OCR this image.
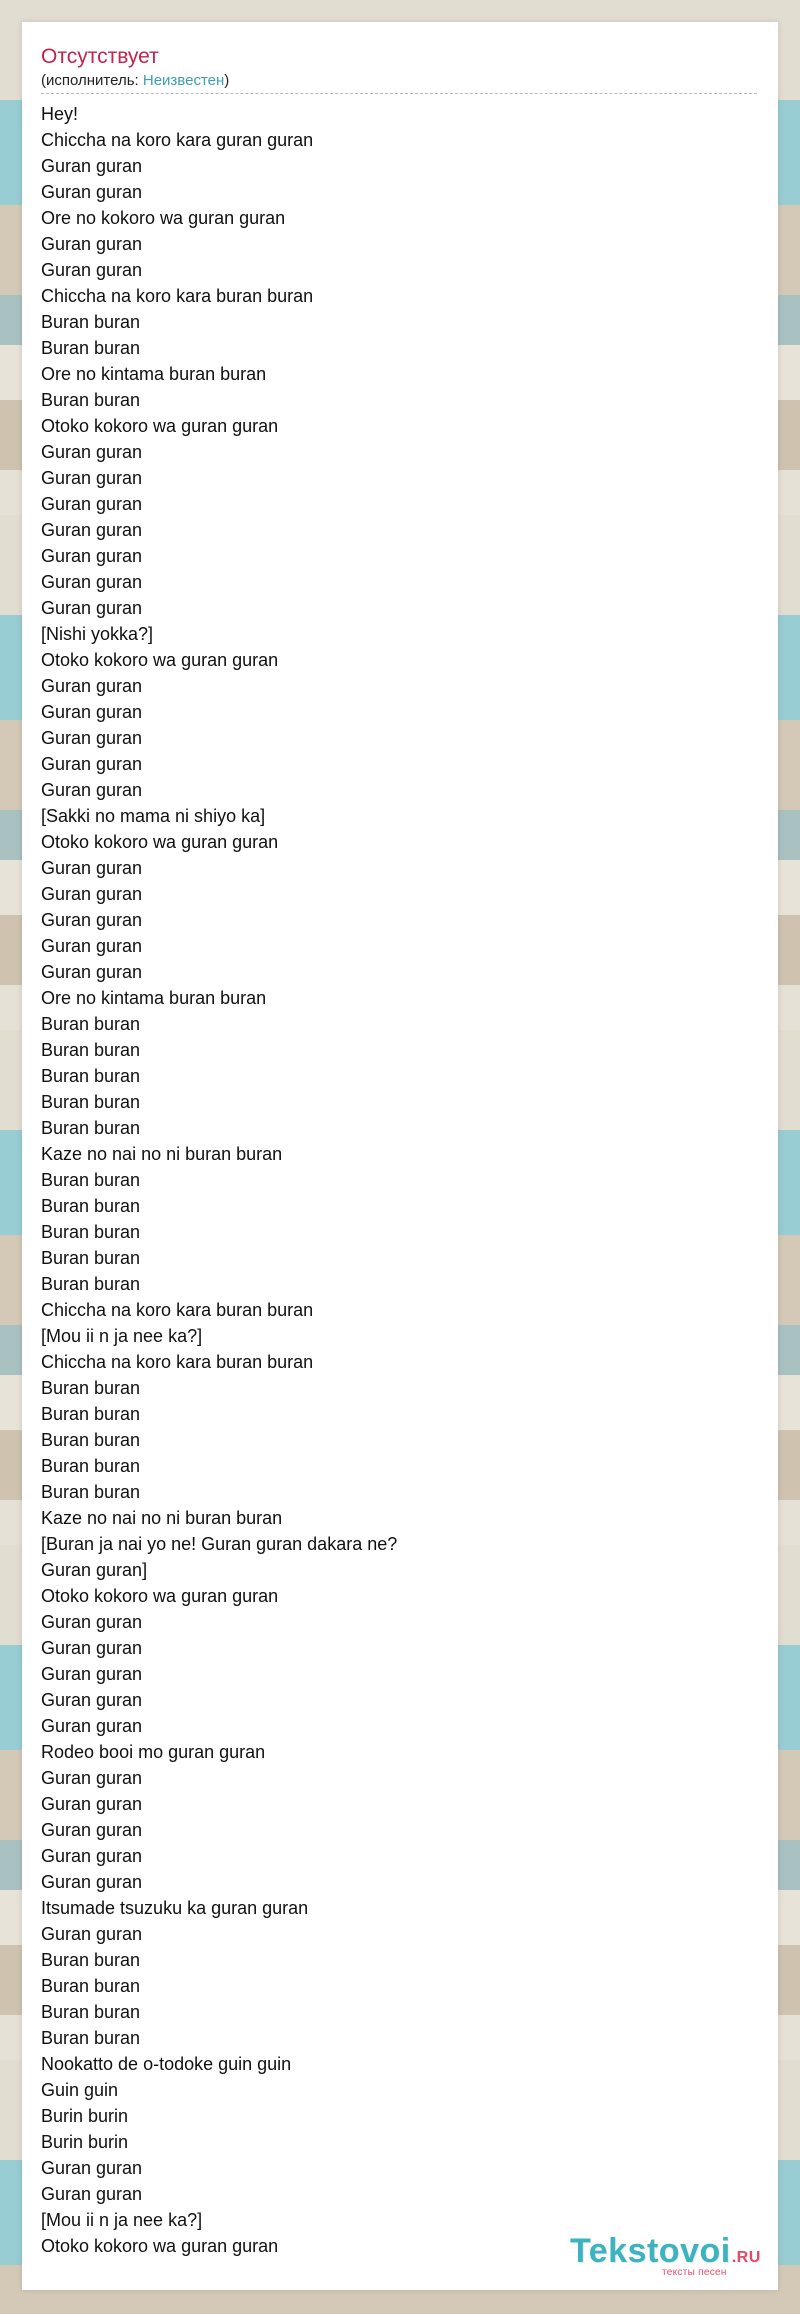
Отсутствует
(исполнитель: Неизвестен)
Hey!
Chiccha na koro kara guran guran
Guran guran
Guran guran
Ore no kokoro wa guran guran
Guran guran
Guran guran
Chiccha na koro kara buran buran
Buran buran
Buran buran
Ore no kintama buran buran
Buran buran
Otoko kokoro wa guran guran
Guran guran
Guran guran
Guran guran
Guran guran
Guran guran
Guran guran
Guran guran
[Nishi yokka?]
Otoko kokoro wa guran guran
Guran guran
Guran guran
Guran guran
Guran guran
Guran guran
[Sakki no mama ni shiyo ka]
Otoko kokoro wa guran guran
Guran guran
Guran guran
Guran guran
Guran guran
Guran guran
Ore no kintama buran buran
Buran buran
Buran buran
Buran buran
Buran buran
Buran buran
Kaze no nai no ni buran buran
Buran buran
Buran buran
Buran buran
Buran buran
Buran buran
Chiccha na koro kara buran buran
[Mou ii n ja nee ka?]
Chiccha na koro kara buran buran
Buran buran
Buran buran
Buran buran
Buran buran
Buran buran
Kaze no nai no ni buran buran
[Buran ja nai yo ne! Guran guran dakara ne?
Guran guran]
Otoko kokoro wa guran guran
Guran guran
Guran guran
Guran guran
Guran guran
Guran guran
Rodeo booi mo guran guran
Guran guran
Guran guran
Guran guran
Guran guran
Guran guran
Itsumade tsuzuku ka guran guran
Guran guran
Buran buran
Buran buran
Buran buran
Buran buran
Nookatto de o-todoke guin guin
Guin guin
Burin burin
Burin burin
Guran guran
Guran guran
[Mou ii n ja nee ka?]
Otoko kokoro wa guran guran	Tekstovoi.RU
тексты песен
